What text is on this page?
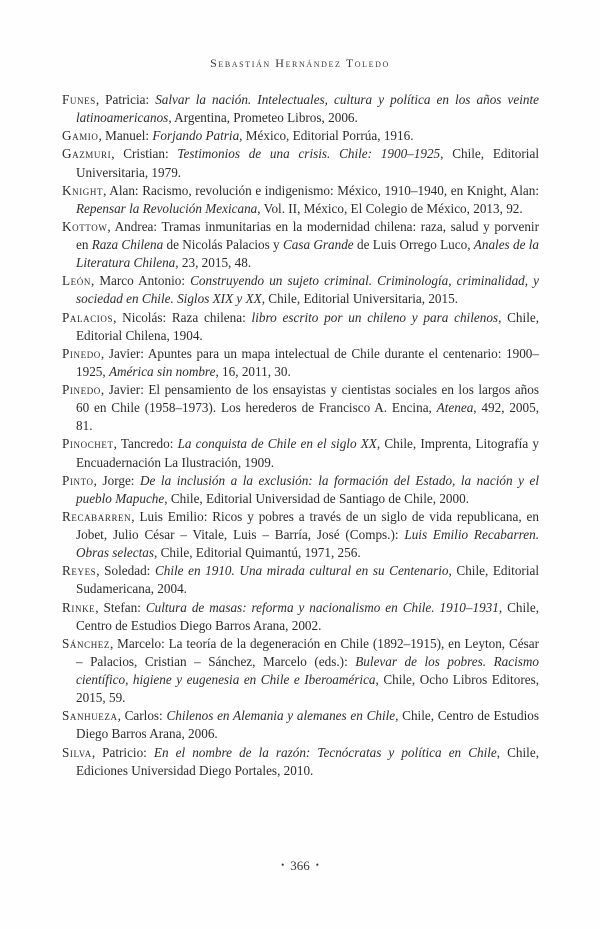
Sebastián Hernández Toledo

Funes, Patricia: Salvar la nación. Intelectuales, cultura y política en los años veinte latinoamericanos, Argentina, Prometeo Libros, 2006.

Gamio, Manuel: Forjando Patria, México, Editorial Porrúa, 1916.

Gazmuri, Cristian: Testimonios de una crisis. Chile: 1900–1925, Chile, Editorial Universitaria, 1979.

Knight, Alan: Racismo, revolución e indigenismo: México, 1910–1940, en Knight, Alan: Repensar la Revolución Mexicana, Vol. II, México, El Colegio de México, 2013, 92.

Kottow, Andrea: Tramas inmunitarias en la modernidad chilena: raza, salud y porvenir en Raza Chilena de Nicolás Palacios y Casa Grande de Luis Orrego Luco, Anales de la Literatura Chilena, 23, 2015, 48.

León, Marco Antonio: Construyendo un sujeto criminal. Criminología, criminalidad, y sociedad en Chile. Siglos XIX y XX, Chile, Editorial Universitaria, 2015.

Palacios, Nicolás: Raza chilena: libro escrito por un chileno y para chilenos, Chile, Editorial Chilena, 1904.

Pinedo, Javier: Apuntes para un mapa intelectual de Chile durante el centenario: 1900–1925, América sin nombre, 16, 2011, 30.

Pinedo, Javier: El pensamiento de los ensayistas y cientistas sociales en los largos años 60 en Chile (1958–1973). Los herederos de Francisco A. Encina, Atenea, 492, 2005, 81.

Pinochet, Tancredo: La conquista de Chile en el siglo XX, Chile, Imprenta, Litografía y Encuadernación La Ilustración, 1909.

Pinto, Jorge: De la inclusión a la exclusión: la formación del Estado, la nación y el pueblo Mapuche, Chile, Editorial Universidad de Santiago de Chile, 2000.

Recabarren, Luis Emilio: Ricos y pobres a través de un siglo de vida republicana, en Jobet, Julio César – Vitale, Luis – Barría, José (Comps.): Luis Emilio Recabarren. Obras selectas, Chile, Editorial Quimantú, 1971, 256.

Reyes, Soledad: Chile en 1910. Una mirada cultural en su Centenario, Chile, Editorial Sudamericana, 2004.

Rinke, Stefan: Cultura de masas: reforma y nacionalismo en Chile. 1910–1931, Chile, Centro de Estudios Diego Barros Arana, 2002.

Sánchez, Marcelo: La teoría de la degeneración en Chile (1892–1915), en Leyton, César – Palacios, Cristian – Sánchez, Marcelo (eds.): Bulevar de los pobres. Racismo científico, higiene y eugenesia en Chile e Iberoamérica, Chile, Ocho Libros Editores, 2015, 59.

Sanhueza, Carlos: Chilenos en Alemania y alemanes en Chile, Chile, Centro de Estudios Diego Barros Arana, 2006.

Silva, Patricio: En el nombre de la razón: Tecnócratas y política en Chile, Chile, Ediciones Universidad Diego Portales, 2010.

• 366 •
